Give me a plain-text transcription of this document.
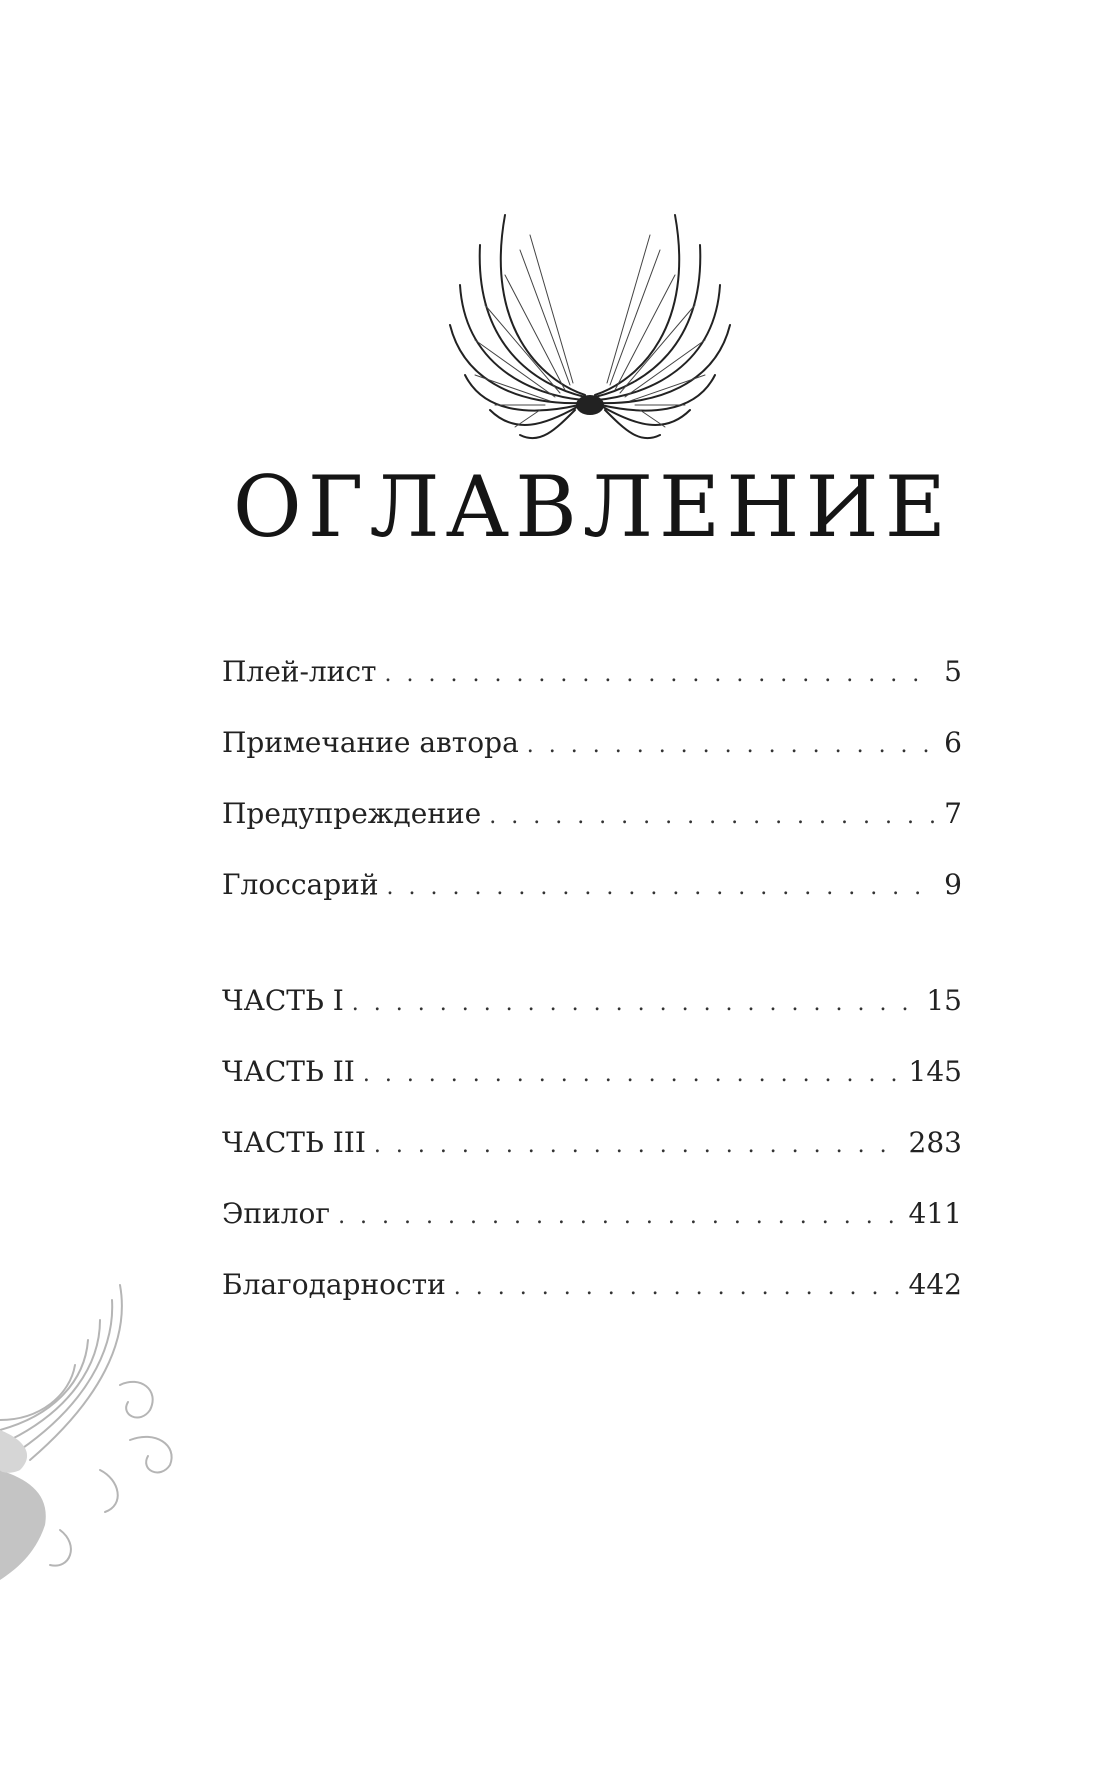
ОГЛАВЛЕНИЕ
Плей-лист . . .	5
Примечание автора . . .	6
Предупреждение . . .	7
Глоссарий . . .	9
ЧАСТЬ I . . .	15
ЧАСТЬ II . . .	145
ЧАСТЬ III . . .	283
Эпилог . . .	411
Благодарности . . .	442
